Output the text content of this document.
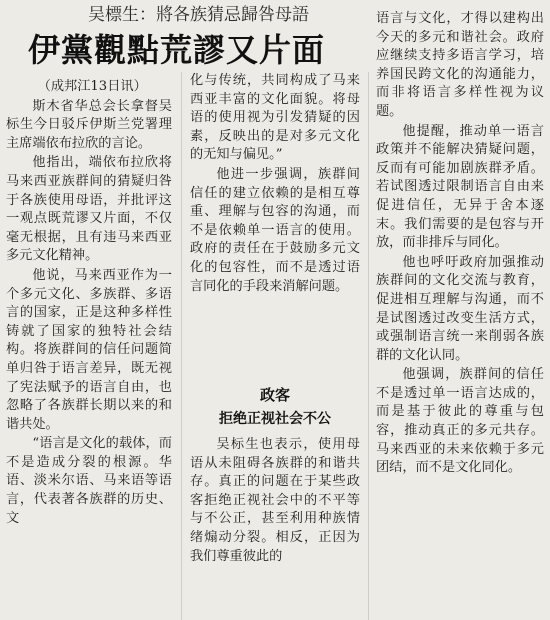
吴標生：將各族猜忌歸咎母語
伊黨觀點荒謬又片面

（成邦江13日讯）

斯木省华总会长拿督吴标生今日驳斥伊斯兰党署理主席端依布拉欣的言论。

他指出，端依布拉欣将马来西亚族群间的猜疑归咎于各族使用母语，并批评这一观点既荒谬又片面，不仅毫无根据，且有违马来西亚多元文化精神。

他说，马来西亚作为一个多元文化、多族群、多语言的国家，正是这种多样性铸就了国家的独特社会结构。将族群间的信任问题简单归咎于语言差异，既无视了宪法赋予的语言自由，也忽略了各族群长期以来的和谐共处。

“语言是文化的载体，而不是造成分裂的根源。华语、淡米尔语、马来语等语言，代表著各族群的历史、文

化与传统，共同构成了马来西亚丰富的文化面貌。将母语的使用视为引发猜疑的因素，反映出的是对多元文化的无知与偏见。”

他进一步强调，族群间信任的建立依赖的是相互尊重、理解与包容的沟通，而不是依赖单一语言的使用。政府的责任在于鼓励多元文化的包容性，而不是透过语言同化的手段来消解问题。

政客
拒绝正视社会不公

吴标生也表示，使用母语从未阻碍各族群的和谐共存。真正的问题在于某些政客拒绝正视社会中的不平等与不公正，甚至利用种族情绪煽动分裂。相反，正因为我们尊重彼此的

语言与文化，才得以建构出今天的多元和谐社会。政府应继续支持多语言学习，培养国民跨文化的沟通能力，而非将语言多样性视为议题。

他提醒，推动单一语言政策并不能解决猜疑问题，反而有可能加剧族群矛盾。若试图透过限制语言自由来促进信任，无异于舍本逐末。我们需要的是包容与开放，而非排斥与同化。

他也呼吁政府加强推动族群间的文化交流与教育，促进相互理解与沟通，而不是试图透过改变生活方式，或强制语言统一来削弱各族群的文化认同。

他强调，族群间的信任不是透过单一语言达成的，而是基于彼此的尊重与包容，推动真正的多元共存。马来西亚的未来依赖于多元团结，而不是文化同化。
